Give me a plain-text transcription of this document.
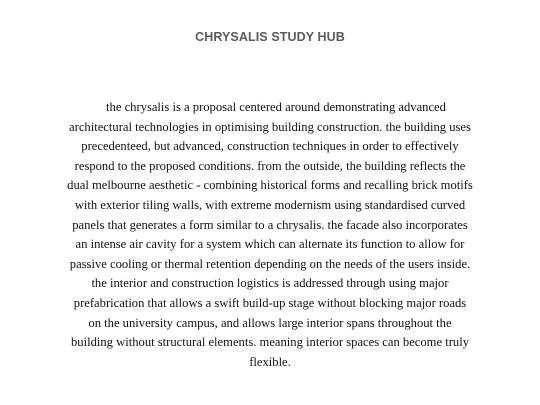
CHRYSALIS STUDY HUB

the chrysalis is a proposal centered around demonstrating advanced architectural technologies in optimising building construction. the building uses precedenteed, but advanced, construction techniques in order to effectively respond to the proposed conditions. from the outside, the building reflects the dual melbourne aesthetic - combining historical forms and recalling brick motifs with exterior tiling walls, with extreme modernism using standardised curved panels that generates a form similar to a chrysalis. the facade also incorporates an intense air cavity for a system which can alternate its function to allow for passive cooling or thermal retention depending on the needs of the users inside. the interior and construction logistics is addressed through using major prefabrication that allows a swift build-up stage without blocking major roads on the university campus, and allows large interior spans throughout the building without structural elements. meaning interior spaces can become truly flexible.
